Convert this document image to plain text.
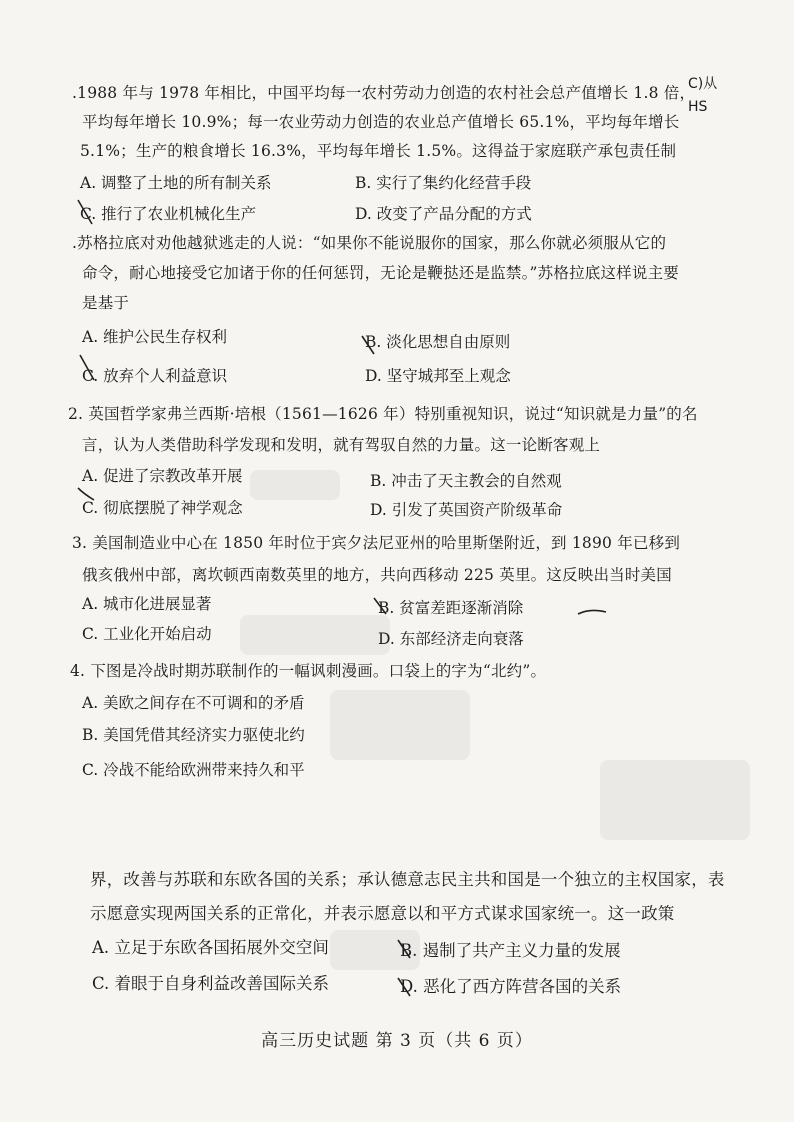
C)从
HS
.1988 年与 1978 年相比，中国平均每一农村劳动力创造的农村社会总产值增长 1.8 倍，
平均每年增长 10.9%；每一农业劳动力创造的农业总产值增长 65.1%，平均每年增长
5.1%；生产的粮食增长 16.3%，平均每年增长 1.5%。这得益于家庭联产承包责任制
A. 调整了土地的所有制关系	B. 实行了集约化经营手段
C. 推行了农业机械化生产	D. 改变了产品分配的方式
.苏格拉底对劝他越狱逃走的人说：“如果你不能说服你的国家，那么你就必须服从它的
命令，耐心地接受它加诸于你的任何惩罚，无论是鞭挞还是监禁。”苏格拉底这样说主要
是基于
A. 维护公民生存权利	B. 淡化思想自由原则
C. 放弃个人利益意识	D. 坚守城邦至上观念
2. 英国哲学家弗兰西斯·培根（1561—1626 年）特别重视知识，说过“知识就是力量”的名
言，认为人类借助科学发现和发明，就有驾驭自然的力量。这一论断客观上
A. 促进了宗教改革开展	B. 冲击了天主教会的自然观
C. 彻底摆脱了神学观念	D. 引发了英国资产阶级革命
3. 美国制造业中心在 1850 年时位于宾夕法尼亚州的哈里斯堡附近，到 1890 年已移到
俄亥俄州中部，离坎顿西南数英里的地方，共向西移动 225 英里。这反映出当时美国
A. 城市化进展显著	B. 贫富差距逐渐消除
C. 工业化开始启动	D. 东部经济走向衰落
4. 下图是冷战时期苏联制作的一幅讽刺漫画。口袋上的字为“北约”。
A. 美欧之间存在不可调和的矛盾
B. 美国凭借其经济实力驱使北约
C. 冷战不能给欧洲带来持久和平
界，改善与苏联和东欧各国的关系；承认德意志民主共和国是一个独立的主权国家，表
示愿意实现两国关系的正常化，并表示愿意以和平方式谋求国家统一。这一政策
A. 立足于东欧各国拓展外交空间	B. 遏制了共产主义力量的发展
C. 着眼于自身利益改善国际关系	D. 恶化了西方阵营各国的关系
高三历史试题 第 3 页（共 6 页）
